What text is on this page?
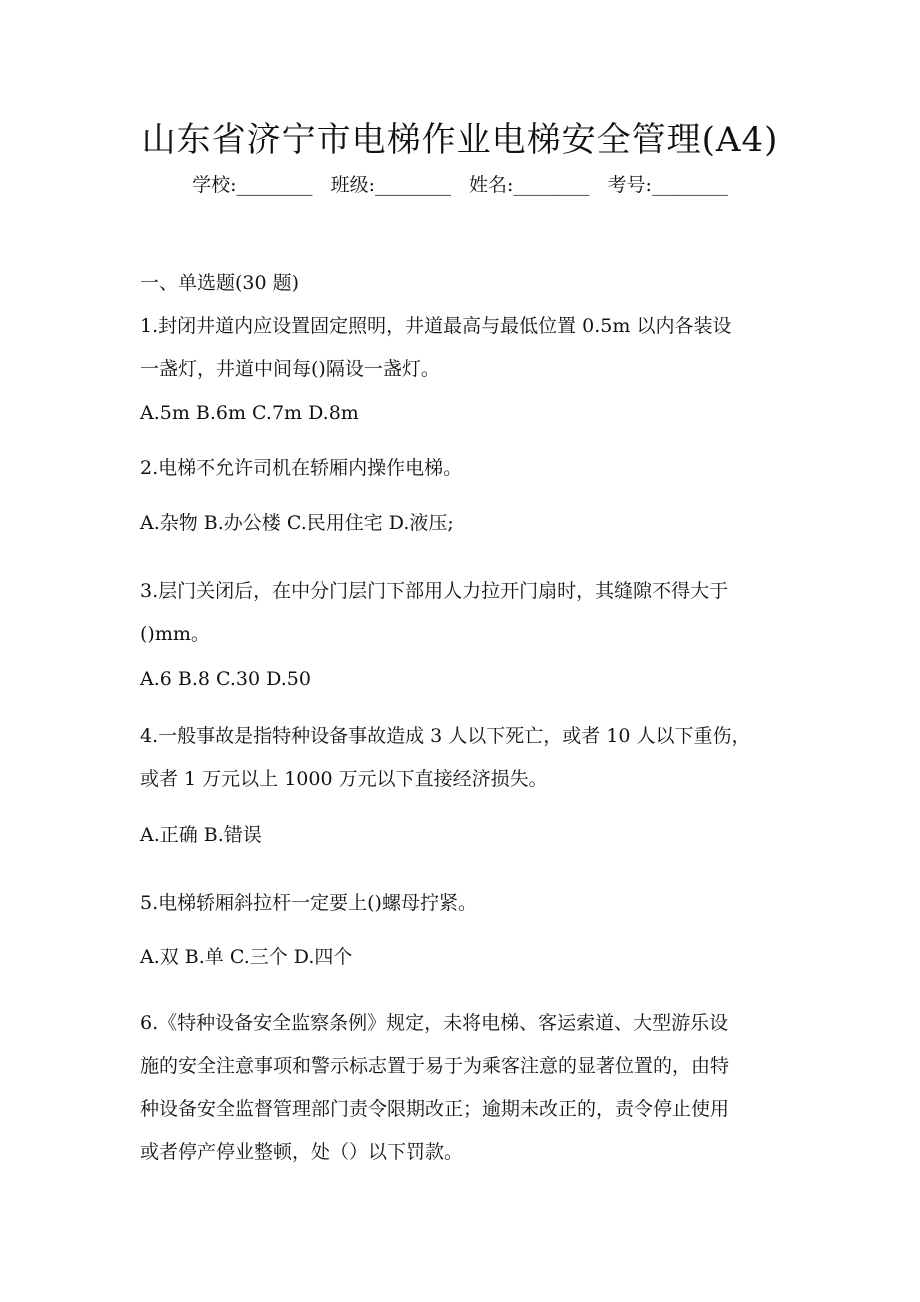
山东省济宁市电梯作业电梯安全管理(A4)
学校:________ 班级:________ 姓名:________ 考号:________
一、单选题(30 题)
1.封闭井道内应设置固定照明，井道最高与最低位置 0.5m 以内各装设
一盏灯，井道中间每()隔设一盏灯。
A.5m B.6m C.7m D.8m
2.电梯不允许司机在轿厢内操作电梯。
A.杂物 B.办公楼 C.民用住宅 D.液压;
3.层门关闭后，在中分门层门下部用人力拉开门扇时，其缝隙不得大于
()mm。
A.6 B.8 C.30 D.50
4.一般事故是指特种设备事故造成 3 人以下死亡，或者 10 人以下重伤，
或者 1 万元以上 1000 万元以下直接经济损失。
A.正确 B.错误
5.电梯轿厢斜拉杆一定要上()螺母拧紧。
A.双 B.单 C.三个 D.四个
6.《特种设备安全监察条例》规定，未将电梯、客运索道、大型游乐设
施的安全注意事项和警示标志置于易于为乘客注意的显著位置的，由特
种设备安全监督管理部门责令限期改正；逾期未改正的，责令停止使用
或者停产停业整顿，处（）以下罚款。
